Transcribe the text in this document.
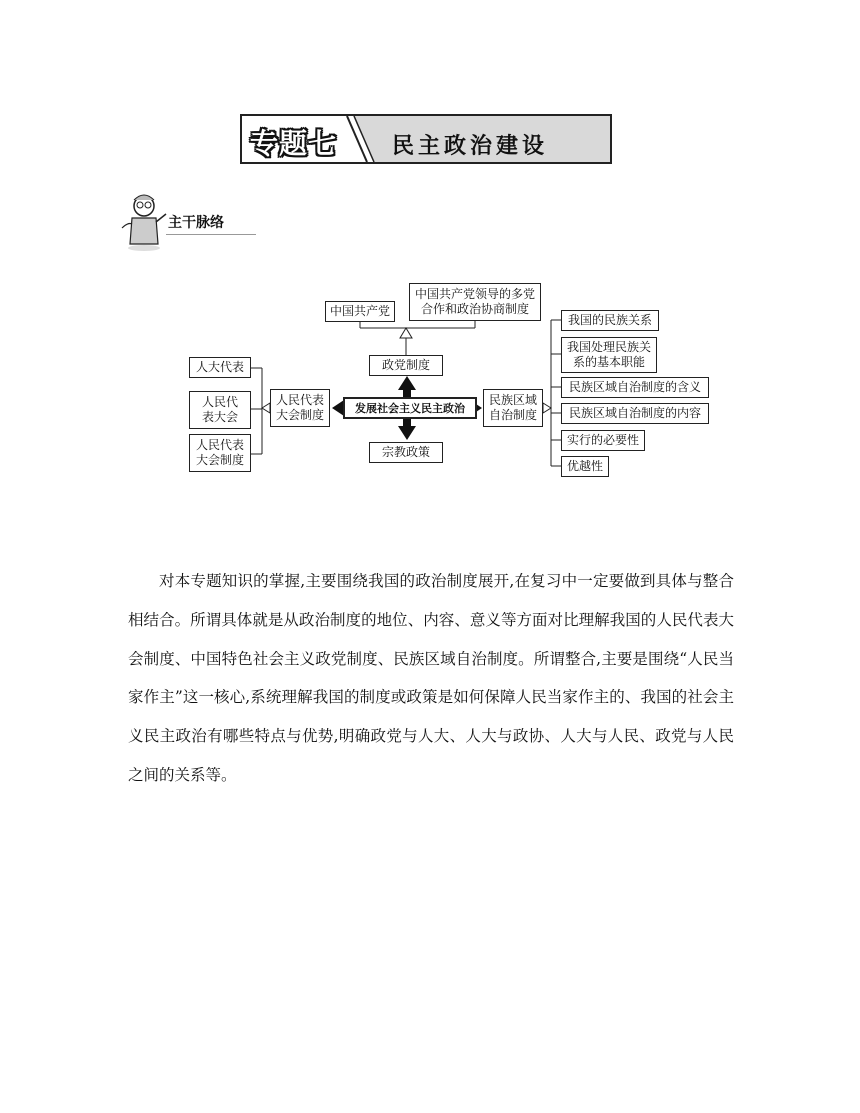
专题七 民主政治建设
主干脉络
中国共产党
中国共产党领导的多党合作和政治协商制度
政党制度
发展社会主义民主政治
宗教政策
人民代表大会制度
民族区域自治制度
人大代表
人民代表大会
人民代表大会制度
我国的民族关系
我国处理民族关系的基本职能
民族区域自治制度的含义
民族区域自治制度的内容
实行的必要性
优越性
对本专题知识的掌握,主要围绕我国的政治制度展开,在复习中一定要做到具体与整合相结合。所谓具体就是从政治制度的地位、内容、意义等方面对比理解我国的人民代表大会制度、中国特色社会主义政党制度、民族区域自治制度。所谓整合,主要是围绕“人民当家作主”这一核心,系统理解我国的制度或政策是如何保障人民当家作主的、我国的社会主义民主政治有哪些特点与优势,明确政党与人大、人大与政协、人大与人民、政党与人民之间的关系等。
